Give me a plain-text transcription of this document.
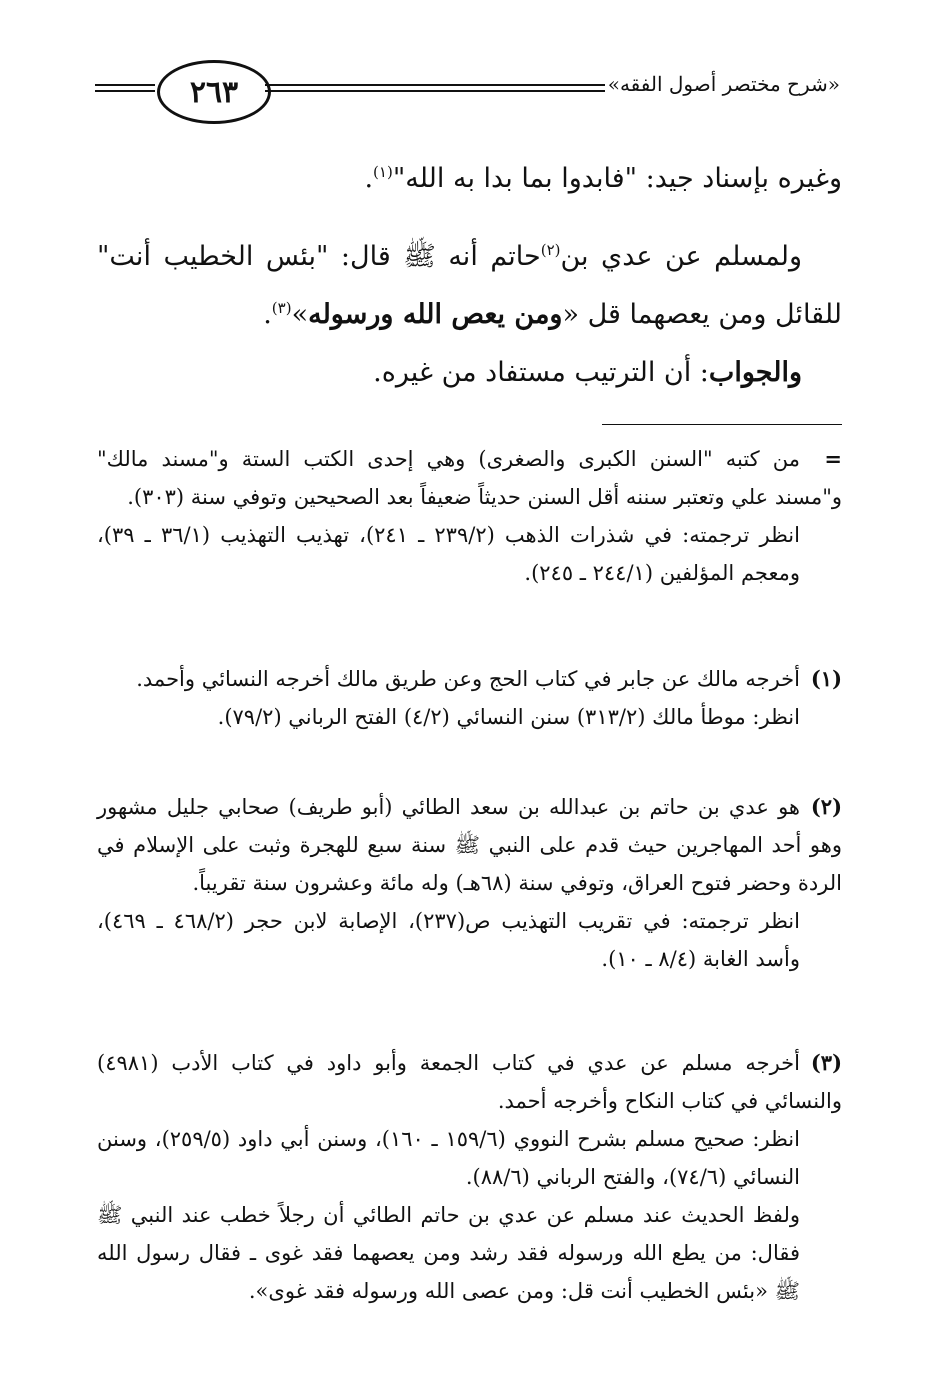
٢٦٣	«شرح مختصر أصول الفقه»
وغيره بإسناد جيد: "فابدوا بما بدا به الله"$^{(١)}$.
ولمسلم عن عدي بن$^{(٢)}$حاتم أنه ﷺ قال: "بئس الخطيب أنت" للقائل ومن يعصهما قل «ومن يعص الله ورسوله»$^{(٣)}$.
والجواب: أن الترتيب مستفاد من غيره.
=من كتبه "السنن الكبرى والصغرى) وهي إحدى الكتب الستة و"مسند مالك" و"مسند علي وتعتبر سننه أقل السنن حديثاً ضعيفاً بعد الصحيحين وتوفي سنة (٣٠٣).
انظر ترجمته: في شذرات الذهب (٢٣٩/٢ ـ ٢٤١)، تهذيب التهذيب (٣٦/١ ـ ٣٩)، ومعجم المؤلفين (٢٤٤/١ ـ ٢٤٥).
(١)أخرجه مالك عن جابر في كتاب الحج وعن طريق مالك أخرجه النسائي وأحمد.
انظر: موطأ مالك (٣١٣/٢) سنن النسائي (٤/٢) الفتح الرباني (٧٩/٢).
(٢)هو عدي بن حاتم بن عبدالله بن سعد الطائي (أبو طريف) صحابي جليل مشهور وهو أحد المهاجرين حيث قدم على النبي ﷺ سنة سبع للهجرة وثبت على الإسلام في الردة وحضر فتوح العراق، وتوفي سنة (٦٨هـ) وله مائة وعشرون سنة تقريباً.
انظر ترجمته: في تقريب التهذيب ص(٢٣٧)، الإصابة لابن حجر (٤٦٨/٢ ـ ٤٦٩)، وأسد الغابة (٨/٤ ـ ١٠).
(٣)أخرجه مسلم عن عدي في كتاب الجمعة وأبو داود في كتاب الأدب (٤٩٨١) والنسائي في كتاب النكاح وأخرجه أحمد.
انظر: صحيح مسلم بشرح النووي (١٥٩/٦ ـ ١٦٠)، وسنن أبي داود (٢٥٩/٥)، وسنن النسائي (٧٤/٦)، والفتح الرباني (٨٨/٦).
ولفظ الحديث عند مسلم عن عدي بن حاتم الطائي أن رجلاً خطب عند النبي ﷺ فقال: من يطع الله ورسوله فقد رشد ومن يعصهما فقد غوى ـ فقال رسول الله ﷺ «بئس الخطيب أنت قل: ومن عصى الله ورسوله فقد غوى».
